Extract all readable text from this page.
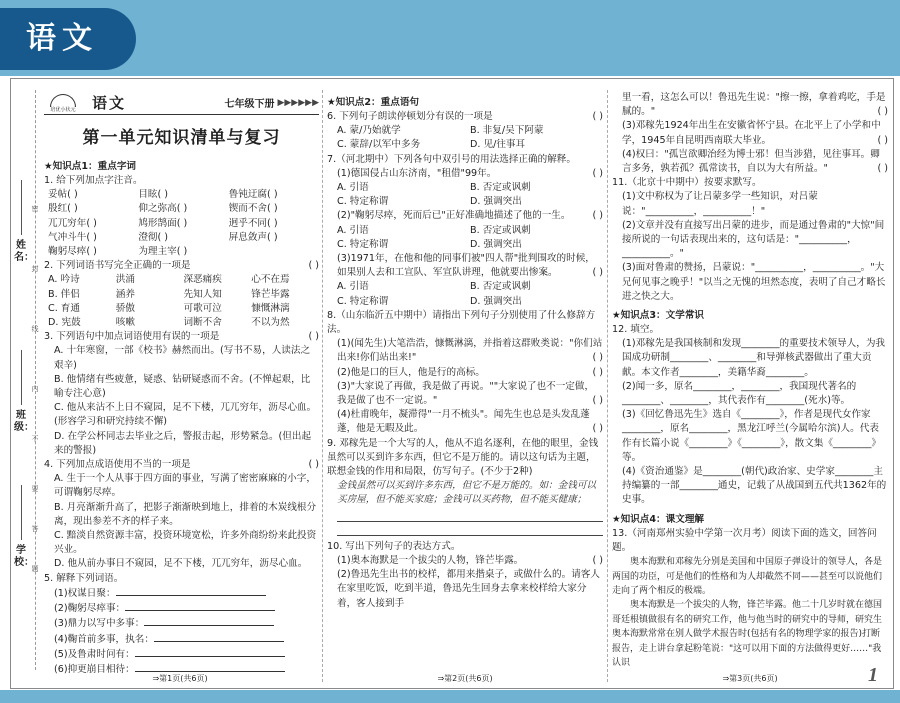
语文
1
姓名：
班级：
学校：
密
封
线
内
不
要
答
题
培优小状元	语文	七年级下册 ▶▶▶▶▶▶
第一单元知识清单与复习
★知识点1：重点字词
1. 给下列加点字注音。
妥帖( )	目眩( )	鲁钝迂腐( )
殷红( )	仰之弥高( )	锲而不舍( )
兀兀穷年( )	鸠形鹄面( )	迥乎不同( )
气冲斗牛( )	澄彻( )	屏息敛声( )
鞠躬尽瘁( )	为理主宰( )
2. 下列词语书写完全正确的一项是	( )
A. 吟诗	洪涌	深恶痛疾	心不在焉
B. 伴侣	涵养	先知人知	锋芒毕露
C. 育通	骄傲	可歌可泣	慷慨淋漓
D. 宪鼓	咳嗽	词断不舍	不以为然
3. 下列语句中加点词语使用有误的一项是	( )
A. 十年寒窗，一部《校书》赫然而出。(写书不易，人读法之艰辛)
B. 他情绪有些疲惫，疑惑、钻研疑惑而不舍。(不惮起艰，比喻专注心意)
C. 他从来沾不上日不窥园，足不下楼，兀兀穷年，沥尽心血。(形容学习和研究持续不懈)
D. 在学公杯同志去毕业之后，警报击起，形势紧急。(但出起来的警报)
4. 下列加点成语使用不当的一项是	( )
A. 生于一个人从事于四方面的事业，写满了密密麻麻的小字，可谓鞠躬尽瘁。
B. 月亮渐渐升高了，把影子渐渐映到地上，排着的木炭线根分离，现出参差不齐的样子来。
C. 黯淡自然资源丰富，投资环境宽松，许多外商纷纷来此投资兴业。
D. 他从前办事日不窥园，足不下楼，兀兀穷年，沥尽心血。
5. 解释下列词语。
(1)权谋日聚：
(2)鞠躬尽瘁事：
(3)鼎力以写中多事：
(4)鞠首前多事，执名：
(5)及鲁肃时问有：
(6)抑更崩目相待：
★知识点2：重点语句
6. 下列句子朗读停顿划分有误的一项是	( )
A. 蒙/乃始就学	B. 非复/吴下阿蒙
C. 蒙辞/以军中多务	D. 见/往事耳
7.（河北期中）下列各句中双引号的用法选择正确的解释。
(1)德国侵占山东济南，"租借"99年。	( )
A. 引语	B. 否定或讽刺
C. 特定称谓	D. 强调突出
(2)"鞠躬尽瘁，死而后已"正好准确地描述了他的一生。 ( )
A. 引语	B. 否定或讽刺
C. 特定称谓	D. 强调突出
(3)1971年，在他和他的同事们被"四人帮"批判围攻的时候，如果别人去和工宣队、军宣队讲理，他就要出惨案。	( )
A. 引语	B. 否定或讽刺
C. 特定称谓	D. 强调突出
8.（山东临沂五中期中）请指出下列句子分别使用了什么修辞方法。
(1)(闻先生)大笔浩浩，慷慨淋漓，并指着这群败类说："你们站出来!你们站出来!"	( )
(2)他是口的巨人，他是行的高标。	( )
(3)"大家说了再做，我是做了再说。""大家说了也不一定做，我是做了也不一定说。"	( )
(4)杜甫晚年，凝滞得"一月不梳头"。闻先生也总是头发乱蓬蓬，他是无暇及此。	( )
9. 邓稼先是一个大写的人，他从不追名逐利，在他的眼里，金钱虽然可以买到许多东西，但它不是万能的。请以这句话为主题，联想金钱的作用和局限，仿写句子。(不少于2种)
金钱虽然可以买到许多东西，但它不是万能的。如：金钱可以买房屋，但不能买家庭；金钱可以买药物，但不能买健康；
10. 写出下列句子的表达方式。
(1)奥本海默是一个拔尖的人物，锋芒毕露。	( )
(2)鲁迅先生出书的校样，都用来揩桌子，或做什么的。请客人在家里吃饭，吃到半道，鲁迅先生回身去拿来校样给大家分着，客人接到手
里一看，这怎么可以！鲁迅先生说："擦一擦，拿着鸡吃，手是腻的。"	( )
(3)邓稼先1924年出生在安徽省怀宁县。在北平上了小学和中学，1945年自昆明西南联大毕业。	( )
(4)权曰："孤岂欲卿治经为博士邪！但当涉猎，见往事耳。卿言多务，孰若孤？孤常读书，自以为大有所益。"	( )
11.（北京十中期中）按要求默写。
(1)文中称权为了让吕蒙多学一些知识，对吕蒙说："__________，__________！"
(2)文章并没有直接写出吕蒙的进步，而是通过鲁肃的"大惊"间接所说的一句话表现出来的，这句话是："__________，__________。"
(3)面对鲁肃的赞扬，吕蒙说："__________，__________。"大兄何见事之晚乎！"以当之无愧的坦然态度，表明了自己才略长进之快之大。
★知识点3：文学常识
12. 填空。
(1)邓稼先是我国核制和发现________的重要技术领导人，为我国成功研制________、________和导弹核武器做出了重大贡献。本文作者________，美籍华裔________。
(2)闻一多，原名________，________，我国现代著名的________、________，其代表作有________(死水)等。
(3)《回忆鲁迅先生》选自《________》，作者是现代女作家________，原名________，黑龙江呼兰(今属哈尔滨)人。代表作有长篇小说《________》《________》，散文集《________》等。
(4)《资治通鉴》是________(朝代)政治家、史学家________主持编纂的一部________通史，记载了从战国到五代共1362年的史事。
★知识点4：课文理解
13.（河南郑州实验中学第一次月考）阅读下面的选文，回答问题。
奥本海默和邓稼先分别是美国和中国原子弹设计的领导人，各是两国的功臣，可是他们的性格和为人却截然不同——甚至可以说他们走向了两个相反的极端。
奥本海默是一个拔尖的人物，锋芒毕露。他二十几岁时就在德国哥廷根镇做很有名的研究工作，他与他当时的研究中的导师，研究生奥本海默常常在别人做学术报告时(包括有名的物理学家的报告)打断报告，走上讲台拿起粉笔说："这可以用下面的方法做得更好……"我认识
⇒第1页(共6页)	⇒第2页(共6页)	⇒第3页(共6页)
